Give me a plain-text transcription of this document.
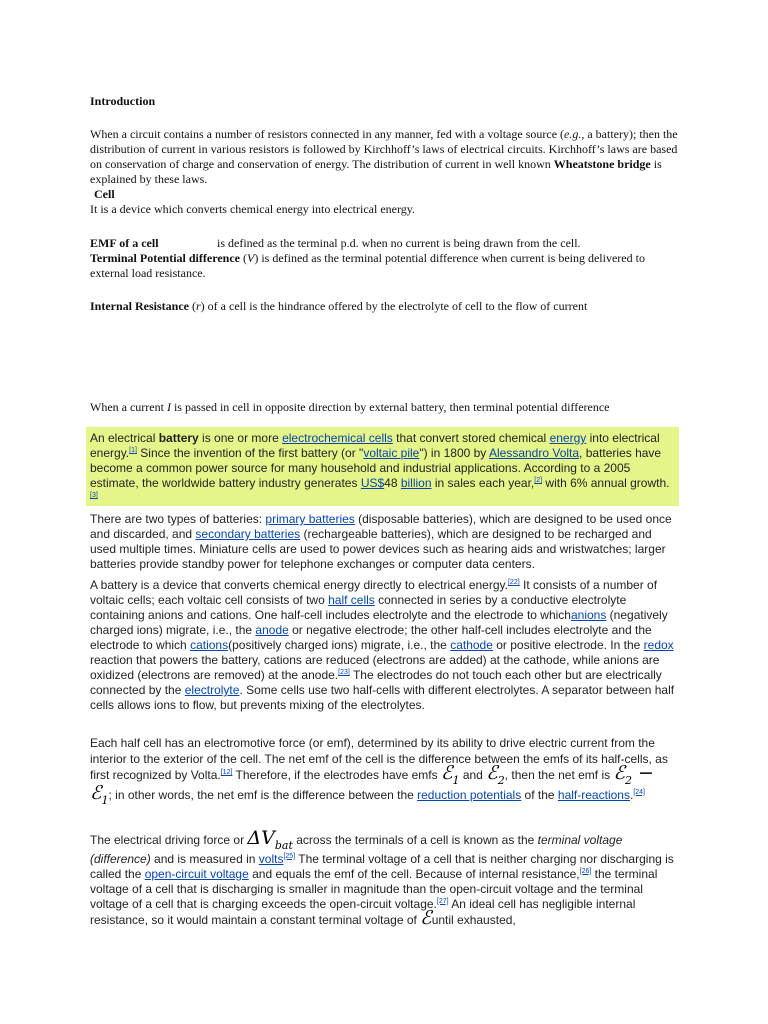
Introduction

When a circuit contains a number of resistors connected in any manner, fed with a voltage source (e.g., a battery); then the distribution of current in various resistors is followed by Kirchhoff’s laws of electrical circuits. Kirchhoff’s laws are based on conservation of charge and conservation of energy. The distribution of current in well known Wheatstone bridge is explained by these laws.

Cell

It is a device which converts chemical energy into electrical energy.

EMF of a cell	is defined as the terminal p.d. when no current is being drawn from the cell.

Terminal Potential difference (V) is defined as the terminal potential difference when current is being delivered to external load resistance.

Internal Resistance (r) of a cell is the hindrance offered by the electrolyte of cell to the flow of current

When a current I is passed in cell in opposite direction by external battery, then terminal potential difference

An electrical battery is one or more electrochemical cells that convert stored chemical energy into electrical energy.[1] Since the invention of the first battery (or "voltaic pile") in 1800 by Alessandro Volta, batteries have become a common power source for many household and industrial applications. According to a 2005 estimate, the worldwide battery industry generates US$48 billion in sales each year,[2] with 6% annual growth.[3]

There are two types of batteries: primary batteries (disposable batteries), which are designed to be used once and discarded, and secondary batteries (rechargeable batteries), which are designed to be recharged and used multiple times. Miniature cells are used to power devices such as hearing aids and wristwatches; larger batteries provide standby power for telephone exchanges or computer data centers.

A battery is a device that converts chemical energy directly to electrical energy.[22] It consists of a number of voltaic cells; each voltaic cell consists of two half cells connected in series by a conductive electrolyte containing anions and cations. One half-cell includes electrolyte and the electrode to whichanions (negatively charged ions) migrate, i.e., the anode or negative electrode; the other half-cell includes electrolyte and the electrode to which cations(positively charged ions) migrate, i.e., the cathode or positive electrode. In the redox reaction that powers the battery, cations are reduced (electrons are added) at the cathode, while anions are oxidized (electrons are removed) at the anode.[23] The electrodes do not touch each other but are electrically connected by the electrolyte. Some cells use two half-cells with different electrolytes. A separator between half cells allows ions to flow, but prevents mixing of the electrolytes.

Each half cell has an electromotive force (or emf), determined by its ability to drive electric current from the interior to the exterior of the cell. The net emf of the cell is the difference between the emfs of its half-cells, as first recognized by Volta.[12] Therefore, if the electrodes have emfs ℰ$_1$ and ℰ$_2$, then the net emf is ℰ$_2$ − ℰ$_1$; in other words, the net emf is the difference between the reduction potentials of the half-reactions.[24]

The electrical driving force or $\Delta V_{bat}$ across the terminals of a cell is known as the terminal voltage (difference) and is measured in volts[25] The terminal voltage of a cell that is neither charging nor discharging is called the open-circuit voltage and equals the emf of the cell. Because of internal resistance,[26] the terminal voltage of a cell that is discharging is smaller in magnitude than the open-circuit voltage and the terminal voltage of a cell that is charging exceeds the open-circuit voltage.[27] An ideal cell has negligible internal resistance, so it would maintain a constant terminal voltage of ℰuntil exhausted,
